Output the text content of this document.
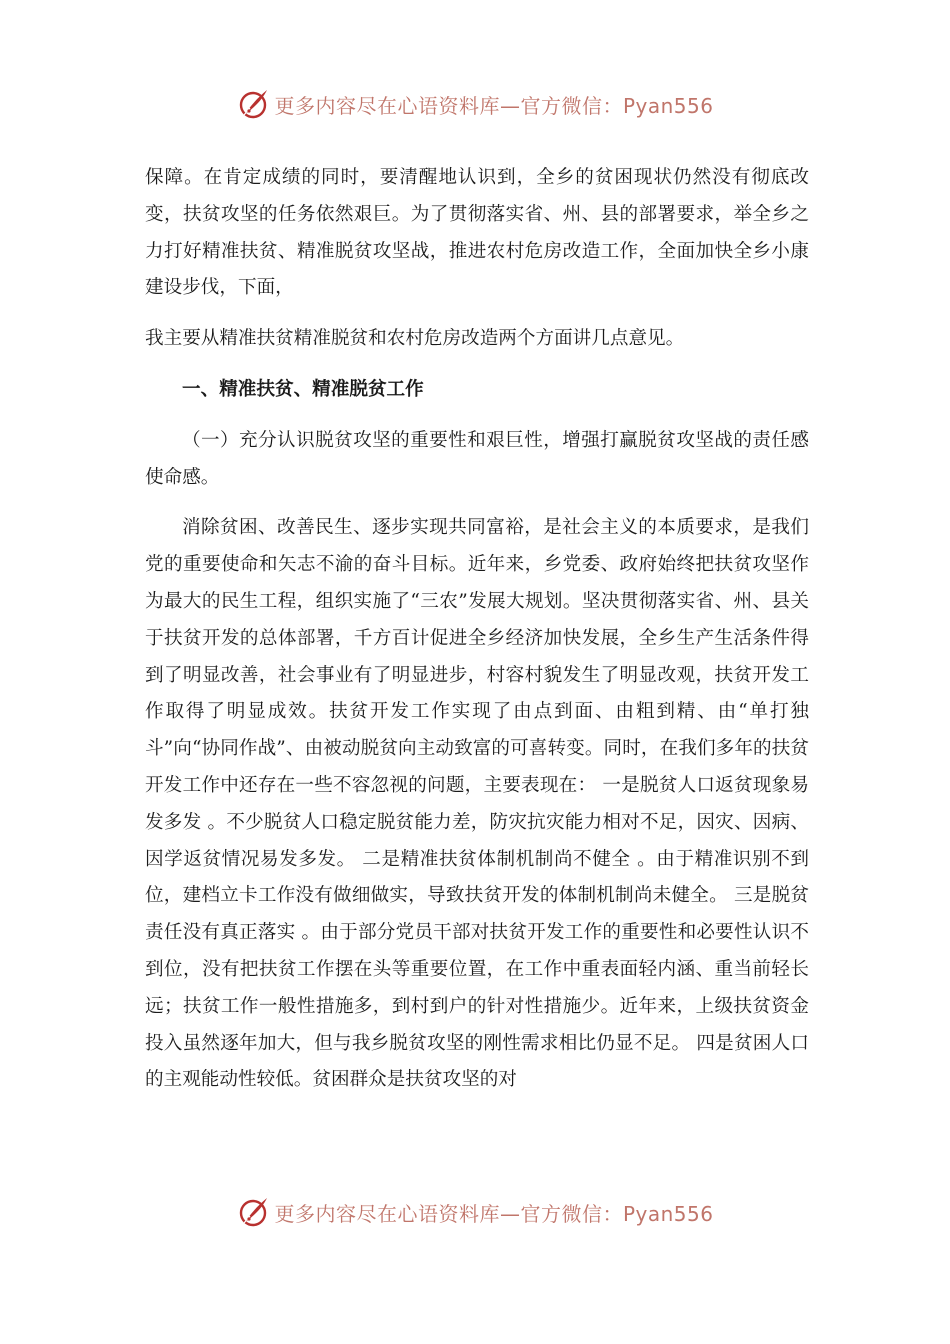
更多内容尽在心语资料库—官方微信：Pyan556

保障。在肯定成绩的同时，要清醒地认识到，全乡的贫困现状仍然没有彻底改变，扶贫攻坚的任务依然艰巨。为了贯彻落实省、州、县的部署要求，举全乡之力打好精准扶贫、精准脱贫攻坚战，推进农村危房改造工作，全面加快全乡小康建设步伐，下面，

我主要从精准扶贫精准脱贫和农村危房改造两个方面讲几点意见。

一、精准扶贫、精准脱贫工作

（一）充分认识脱贫攻坚的重要性和艰巨性，增强打赢脱贫攻坚战的责任感使命感。

消除贫困、改善民生、逐步实现共同富裕，是社会主义的本质要求，是我们党的重要使命和矢志不渝的奋斗目标。近年来，乡党委、政府始终把扶贫攻坚作为最大的民生工程，组织实施了“三农”发展大规划。坚决贯彻落实省、州、县关于扶贫开发的总体部署，千方百计促进全乡经济加快发展，全乡生产生活条件得到了明显改善，社会事业有了明显进步，村容村貌发生了明显改观，扶贫开发工作取得了明显成效。扶贫开发工作实现了由点到面、由粗到精、由“单打独斗”向“协同作战”、由被动脱贫向主动致富的可喜转变。同时，在我们多年的扶贫开发工作中还存在一些不容忽视的问题，主要表现在： 一是脱贫人口返贫现象易发多发 。不少脱贫人口稳定脱贫能力差，防灾抗灾能力相对不足，因灾、因病、因学返贫情况易发多发。 二是精准扶贫体制机制尚不健全 。由于精准识别不到位，建档立卡工作没有做细做实，导致扶贫开发的体制机制尚未健全。 三是脱贫责任没有真正落实 。由于部分党员干部对扶贫开发工作的重要性和必要性认识不到位，没有把扶贫工作摆在头等重要位置，在工作中重表面轻内涵、重当前轻长远；扶贫工作一般性措施多，到村到户的针对性措施少。近年来，上级扶贫资金投入虽然逐年加大，但与我乡脱贫攻坚的刚性需求相比仍显不足。 四是贫困人口的主观能动性较低。贫困群众是扶贫攻坚的对

更多内容尽在心语资料库—官方微信：Pyan556
